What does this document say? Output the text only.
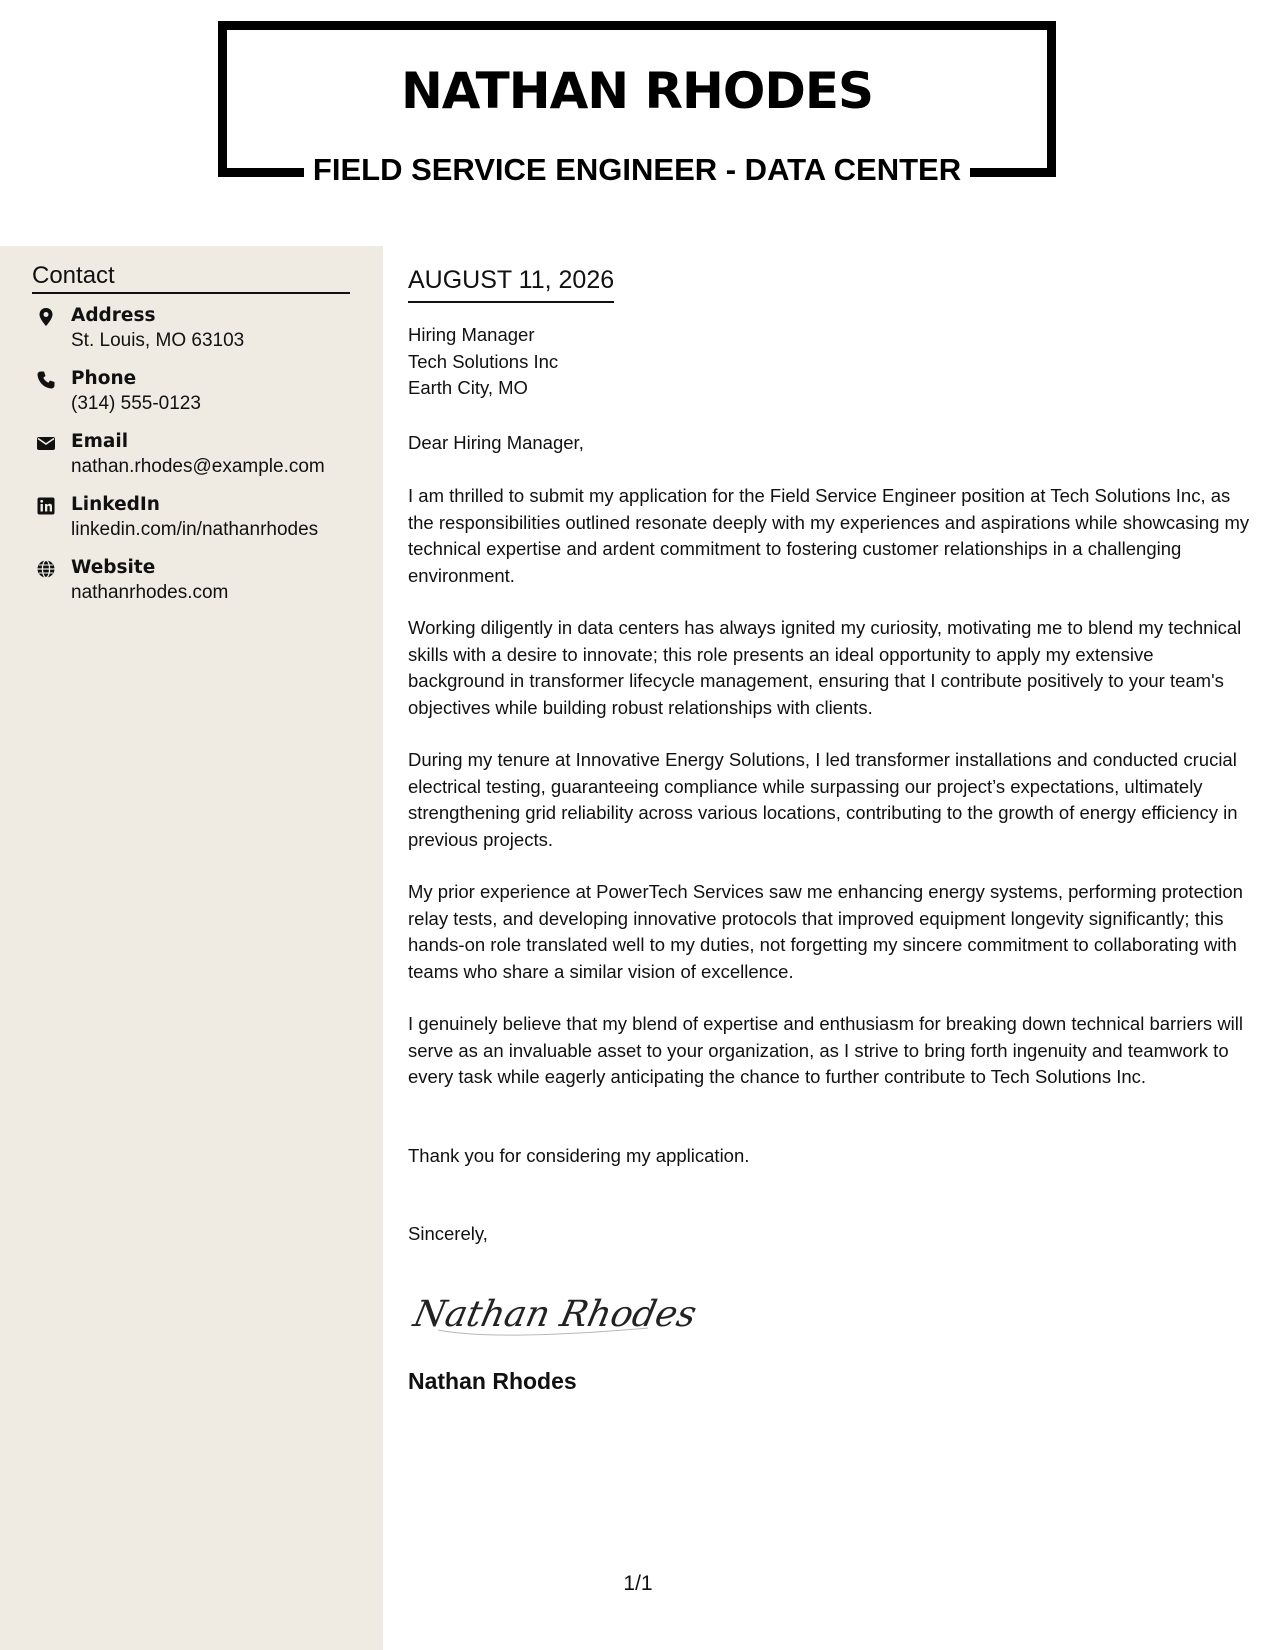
NATHAN RHODES
FIELD SERVICE ENGINEER - DATA CENTER
Contact
Address
St. Louis, MO 63103
Phone
(314) 555-0123
Email
nathan.rhodes@example.com
LinkedIn
linkedin.com/in/nathanrhodes
Website
nathanrhodes.com
AUGUST 11, 2026

Hiring Manager

Tech Solutions Inc

Earth City, MO

Dear Hiring Manager,

I am thrilled to submit my application for the Field Service Engineer position at Tech Solutions Inc, as the responsibilities outlined resonate deeply with my experiences and aspirations while showcasing my technical expertise and ardent commitment to fostering customer relationships in a challenging environment.

Working diligently in data centers has always ignited my curiosity, motivating me to blend my technical skills with a desire to innovate; this role presents an ideal opportunity to apply my extensive background in transformer lifecycle management, ensuring that I contribute positively to your team's objectives while building robust relationships with clients.

During my tenure at Innovative Energy Solutions, I led transformer installations and conducted crucial electrical testing, guaranteeing compliance while surpassing our project’s expectations, ultimately strengthening grid reliability across various locations, contributing to the growth of energy efficiency in previous projects.

My prior experience at PowerTech Services saw me enhancing energy systems, performing protection relay tests, and developing innovative protocols that improved equipment longevity significantly; this hands-on role translated well to my duties, not forgetting my sincere commitment to collaborating with teams who share a similar vision of excellence.

I genuinely believe that my blend of expertise and enthusiasm for breaking down technical barriers will serve as an invaluable asset to your organization, as I strive to bring forth ingenuity and teamwork to every task while eagerly anticipating the chance to further contribute to Tech Solutions Inc.

Thank you for considering my application.

Sincerely,

Nathan Rhodes
Nathan Rhodes
1/1
